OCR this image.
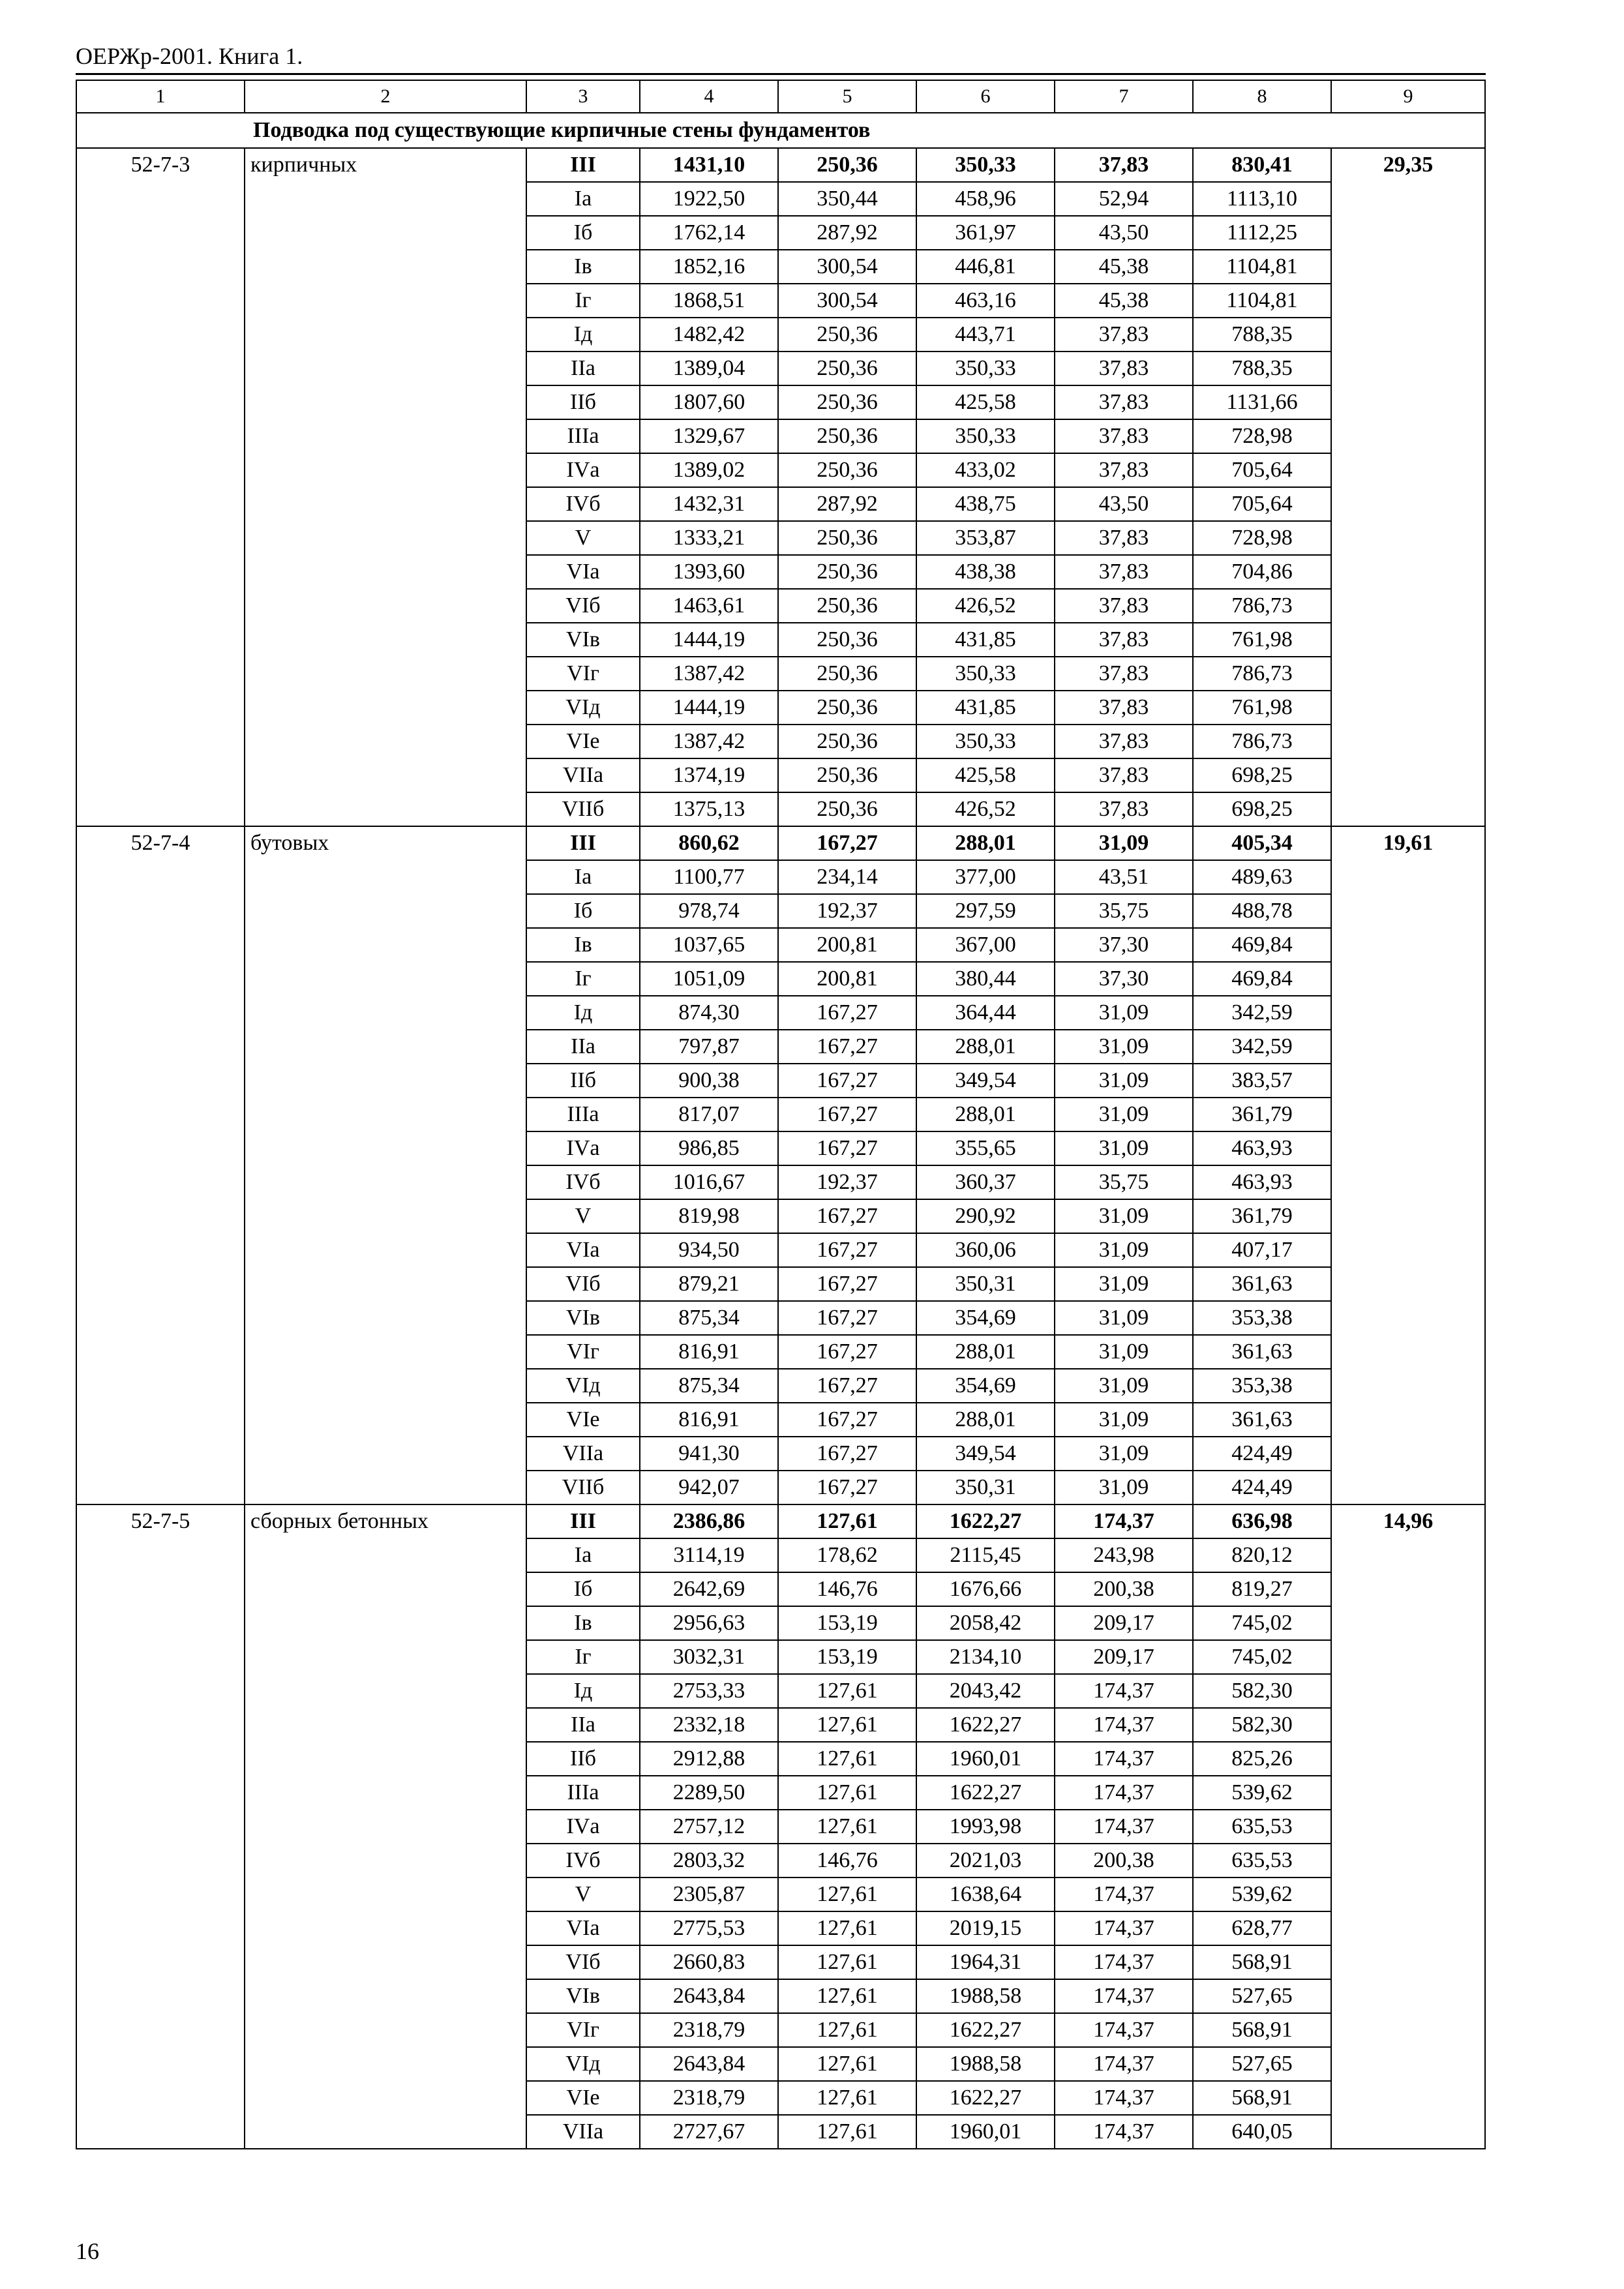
ОЕРЖр-2001. Книга 1.
1	2	3	4	5	6	7	8	9
Подводка под существующие кирпичные стены фундаментов								
52-7-3	кирпичных	III	1431,10	250,36	350,33	37,83	830,41	29,35
		Iа	1922,50	350,44	458,96	52,94	1113,10	
		Iб	1762,14	287,92	361,97	43,50	1112,25	
		Iв	1852,16	300,54	446,81	45,38	1104,81	
		Iг	1868,51	300,54	463,16	45,38	1104,81	
		Iд	1482,42	250,36	443,71	37,83	788,35	
		IIа	1389,04	250,36	350,33	37,83	788,35	
		IIб	1807,60	250,36	425,58	37,83	1131,66	
		IIIа	1329,67	250,36	350,33	37,83	728,98	
		IVа	1389,02	250,36	433,02	37,83	705,64	
		IVб	1432,31	287,92	438,75	43,50	705,64	
		V	1333,21	250,36	353,87	37,83	728,98	
		VIа	1393,60	250,36	438,38	37,83	704,86	
		VIб	1463,61	250,36	426,52	37,83	786,73	
		VIв	1444,19	250,36	431,85	37,83	761,98	
		VIг	1387,42	250,36	350,33	37,83	786,73	
		VIд	1444,19	250,36	431,85	37,83	761,98	
		VIе	1387,42	250,36	350,33	37,83	786,73	
		VIIа	1374,19	250,36	425,58	37,83	698,25	
		VIIб	1375,13	250,36	426,52	37,83	698,25	
52-7-4	бутовых	III	860,62	167,27	288,01	31,09	405,34	19,61
		Iа	1100,77	234,14	377,00	43,51	489,63	
		Iб	978,74	192,37	297,59	35,75	488,78	
		Iв	1037,65	200,81	367,00	37,30	469,84	
		Iг	1051,09	200,81	380,44	37,30	469,84	
		Iд	874,30	167,27	364,44	31,09	342,59	
		IIа	797,87	167,27	288,01	31,09	342,59	
		IIб	900,38	167,27	349,54	31,09	383,57	
		IIIа	817,07	167,27	288,01	31,09	361,79	
		IVа	986,85	167,27	355,65	31,09	463,93	
		IVб	1016,67	192,37	360,37	35,75	463,93	
		V	819,98	167,27	290,92	31,09	361,79	
		VIа	934,50	167,27	360,06	31,09	407,17	
		VIб	879,21	167,27	350,31	31,09	361,63	
		VIв	875,34	167,27	354,69	31,09	353,38	
		VIг	816,91	167,27	288,01	31,09	361,63	
		VIд	875,34	167,27	354,69	31,09	353,38	
		VIе	816,91	167,27	288,01	31,09	361,63	
		VIIа	941,30	167,27	349,54	31,09	424,49	
		VIIб	942,07	167,27	350,31	31,09	424,49	
52-7-5	сборных бетонных	III	2386,86	127,61	1622,27	174,37	636,98	14,96
		Iа	3114,19	178,62	2115,45	243,98	820,12	
		Iб	2642,69	146,76	1676,66	200,38	819,27	
		Iв	2956,63	153,19	2058,42	209,17	745,02	
		Iг	3032,31	153,19	2134,10	209,17	745,02	
		Iд	2753,33	127,61	2043,42	174,37	582,30	
		IIа	2332,18	127,61	1622,27	174,37	582,30	
		IIб	2912,88	127,61	1960,01	174,37	825,26	
		IIIа	2289,50	127,61	1622,27	174,37	539,62	
		IVа	2757,12	127,61	1993,98	174,37	635,53	
		IVб	2803,32	146,76	2021,03	200,38	635,53	
		V	2305,87	127,61	1638,64	174,37	539,62	
		VIа	2775,53	127,61	2019,15	174,37	628,77	
		VIб	2660,83	127,61	1964,31	174,37	568,91	
		VIв	2643,84	127,61	1988,58	174,37	527,65	
		VIг	2318,79	127,61	1622,27	174,37	568,91	
		VIд	2643,84	127,61	1988,58	174,37	527,65	
		VIе	2318,79	127,61	1622,27	174,37	568,91	
		VIIа	2727,67	127,61	1960,01	174,37	640,05	
16
